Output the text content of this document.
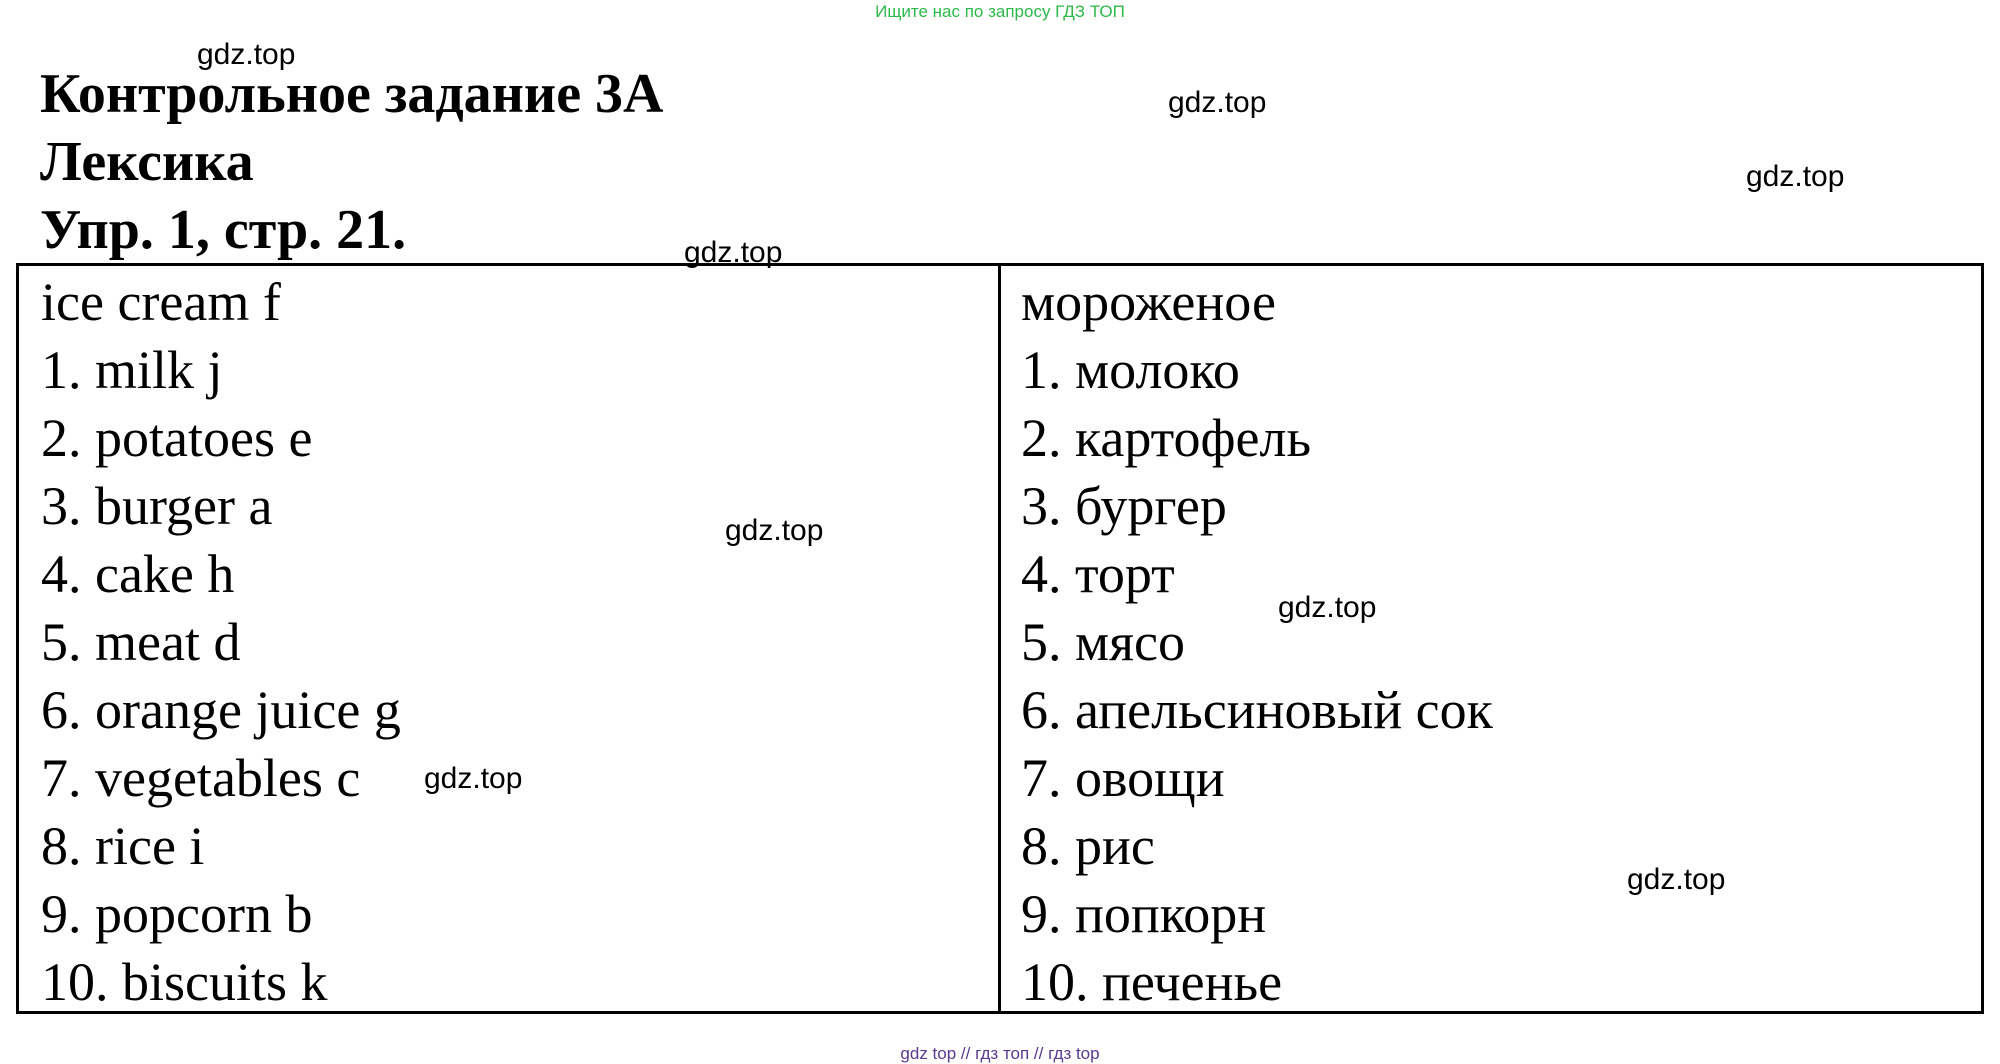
Ищите нас по запросу ГДЗ ТОП
Контрольное задание 3А
Лексика
Упр. 1, стр. 21.
ice cream f
1. milk j
2. potatoes e
3. burger a
4. cake h
5. meat d
6. orange juice g
7. vegetables c
8. rice i
9. popcorn b
10. biscuits k
мороженое
1. молоко
2. картофель
3. бургер
4. торт
5. мясо
6. апельсиновый сок
7. овощи
8. рис
9. попкорн
10. печенье
gdz.top
gdz.top
gdz.top
gdz.top
gdz.top
gdz.top
gdz.top
gdz.top
gdz top // гдз топ // гдз top
